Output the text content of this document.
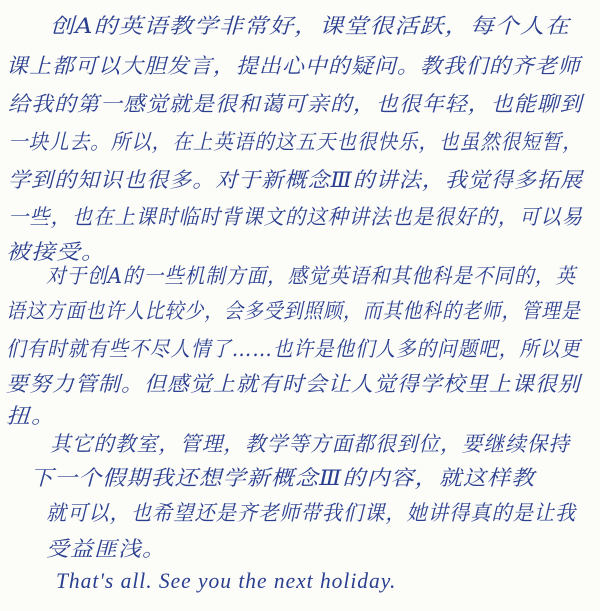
创A的英语教学非常好，课堂很活跃，每个人在
课上都可以大胆发言，提出心中的疑问。教我们的齐老师
给我的第一感觉就是很和蔼可亲的，也很年轻，也能聊到
一块儿去。所以，在上英语的这五天也很快乐，也虽然很短暂，
学到的知识也很多。对于新概念Ⅲ的讲法，我觉得多拓展
一些，也在上课时临时背课文的这种讲法也是很好的，可以易
被接受。
对于创A的一些机制方面，感觉英语和其他科是不同的，英
语这方面也许人比较少，会多受到照顾，而其他科的老师，管理是
们有时就有些不尽人情了……也许是他们人多的问题吧，所以更
要努力管制。但感觉上就有时会让人觉得学校里上课很别
扭。
其它的教室，管理，教学等方面都很到位，要继续保持
下一个假期我还想学新概念Ⅲ的内容，就这样教
就可以，也希望还是齐老师带我们课，她讲得真的是让我
受益匪浅。
That's all. See you the next holiday.
